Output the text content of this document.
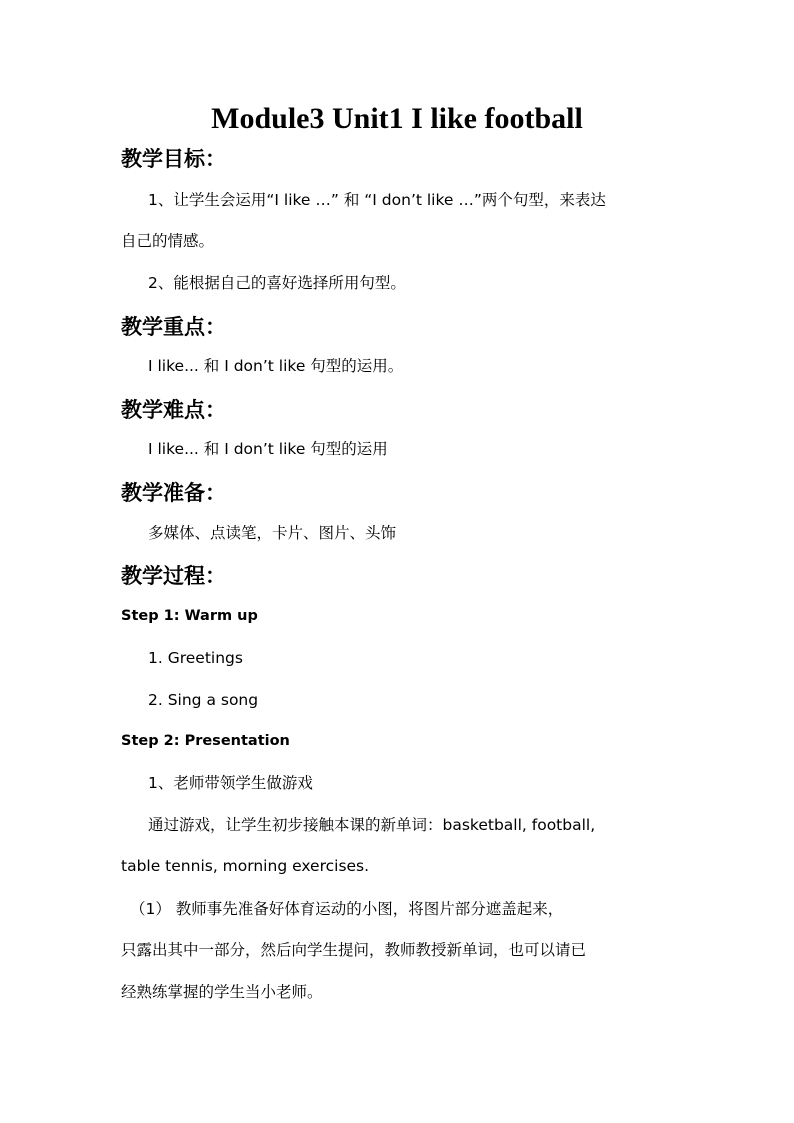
Module3 Unit1 I like football
教学目标：
1、让学生会运用“I like …” 和 “I don’t like …”两个句型，来表达
自己的情感。
2、能根据自己的喜好选择所用句型。
教学重点：
I like... 和 I don’t like 句型的运用。
教学难点：
I like... 和 I don’t like 句型的运用
教学准备：
多媒体、点读笔，卡片、图片、头饰
教学过程：
Step 1: Warm up
1. Greetings
2. Sing a song
Step 2: Presentation
1、老师带领学生做游戏
通过游戏，让学生初步接触本课的新单词：basketball, football,
table tennis, morning exercises.
（1） 教师事先准备好体育运动的小图，将图片部分遮盖起来，
只露出其中一部分，然后向学生提问，教师教授新单词，也可以请已
经熟练掌握的学生当小老师。
